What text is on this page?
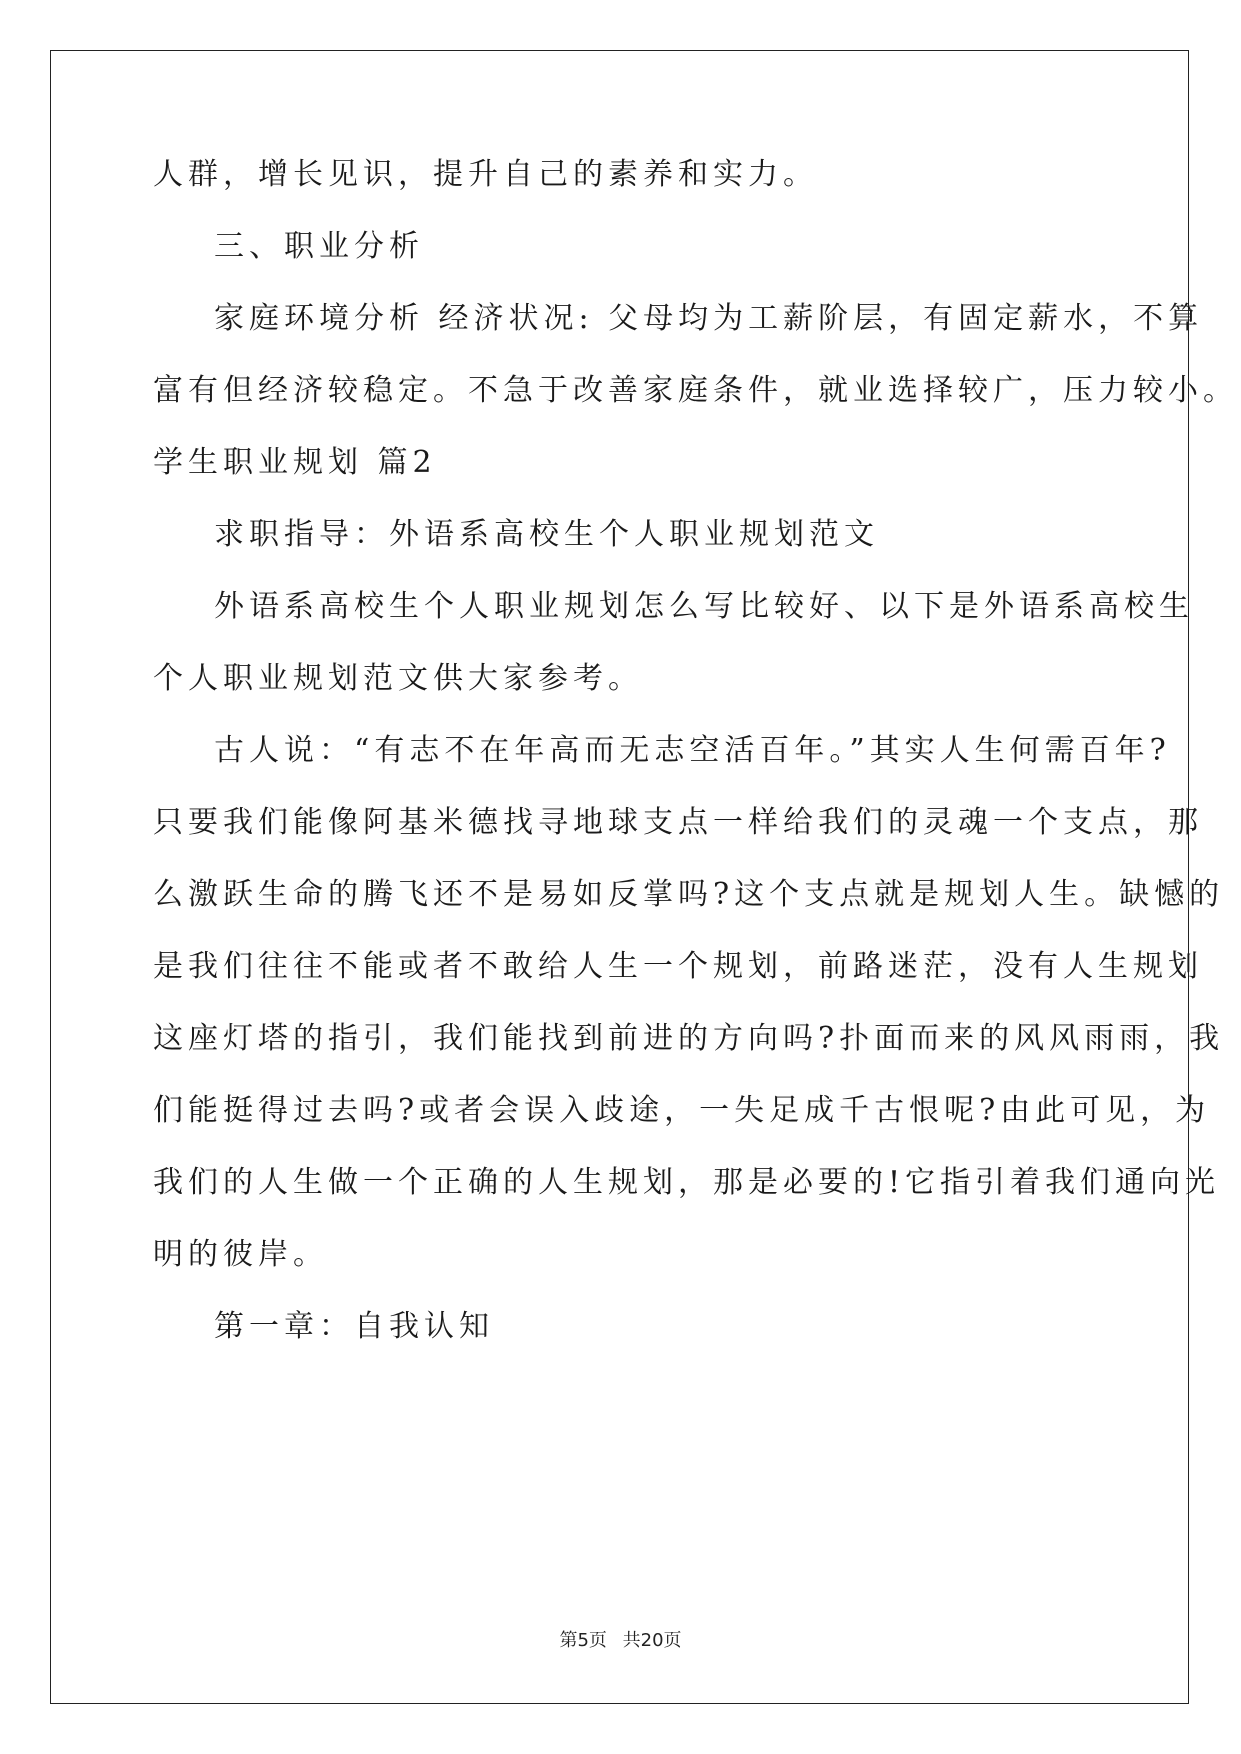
人群，增长见识，提升自己的素养和实力。

三、职业分析

家庭环境分析 经济状况: 父母均为工薪阶层，有固定薪水，不算

富有但经济较稳定。不急于改善家庭条件，就业选择较广，压力较小。

学生职业规划 篇2

求职指导：外语系高校生个人职业规划范文

外语系高校生个人职业规划怎么写比较好、以下是外语系高校生

个人职业规划范文供大家参考。

古人说：“有志不在年高而无志空活百年。”其实人生何需百年?

只要我们能像阿基米德找寻地球支点一样给我们的灵魂一个支点，那

么激跃生命的腾飞还不是易如反掌吗?这个支点就是规划人生。缺憾的

是我们往往不能或者不敢给人生一个规划，前路迷茫，没有人生规划

这座灯塔的指引，我们能找到前进的方向吗?扑面而来的风风雨雨，我

们能挺得过去吗?或者会误入歧途，一失足成千古恨呢?由此可见，为

我们的人生做一个正确的人生规划，那是必要的!它指引着我们通向光

明的彼岸。

第一章：自我认知

第5页 共20页
